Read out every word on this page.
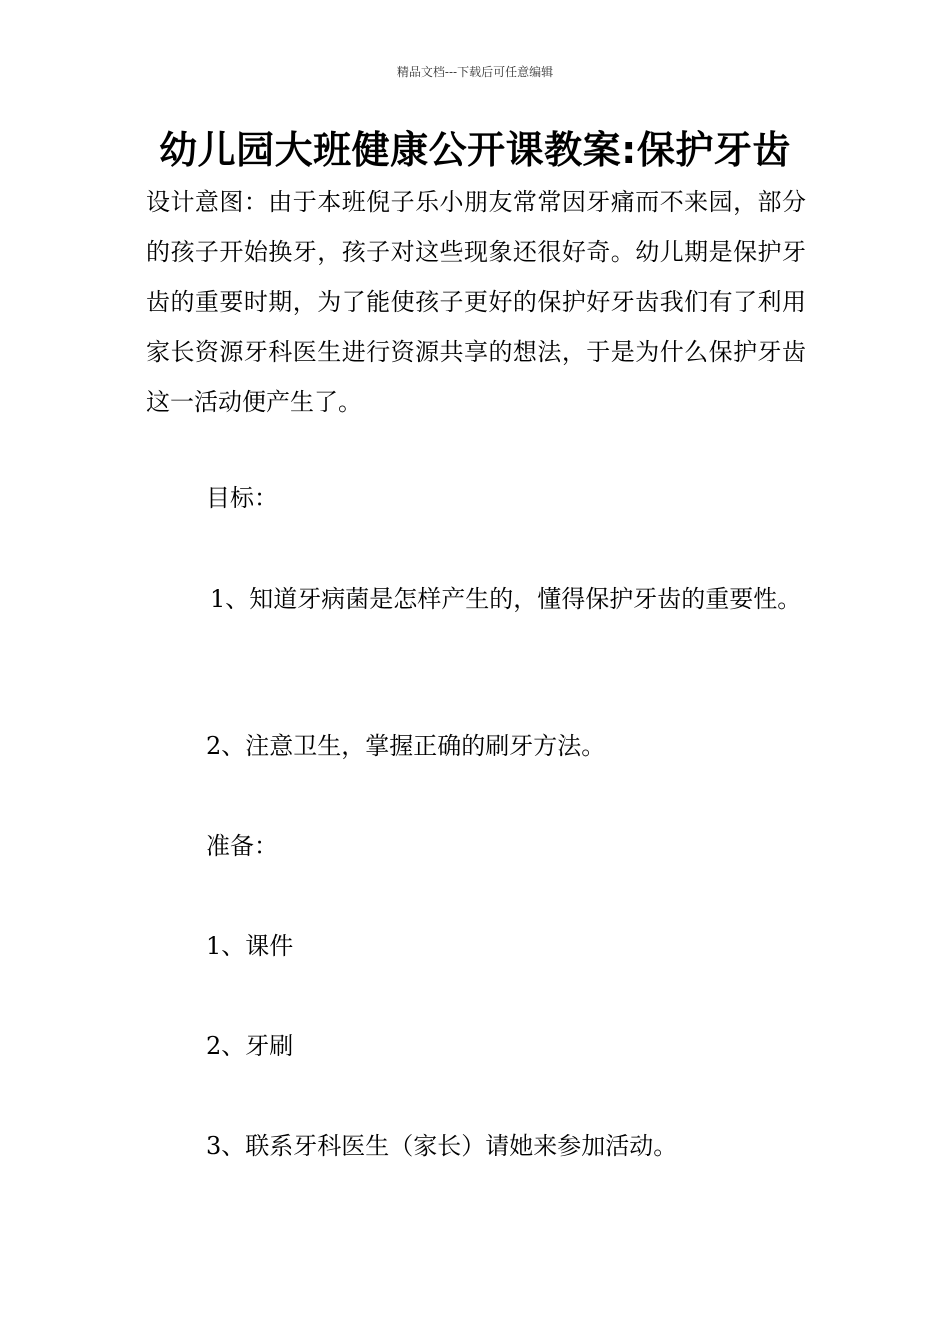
精品文档---下载后可任意编辑
幼儿园大班健康公开课教案:保护牙齿
设计意图：由于本班倪子乐小朋友常常因牙痛而不来园，部分的孩子开始换牙，孩子对这些现象还很好奇。幼儿期是保护牙齿的重要时期，为了能使孩子更好的保护好牙齿我们有了利用家长资源牙科医生进行资源共享的想法，于是为什么保护牙齿这一活动便产生了。
目标：
1、知道牙病菌是怎样产生的，懂得保护牙齿的重要性。
2、注意卫生，掌握正确的刷牙方法。
准备：
1、课件
2、牙刷
3、联系牙科医生（家长）请她来参加活动。
